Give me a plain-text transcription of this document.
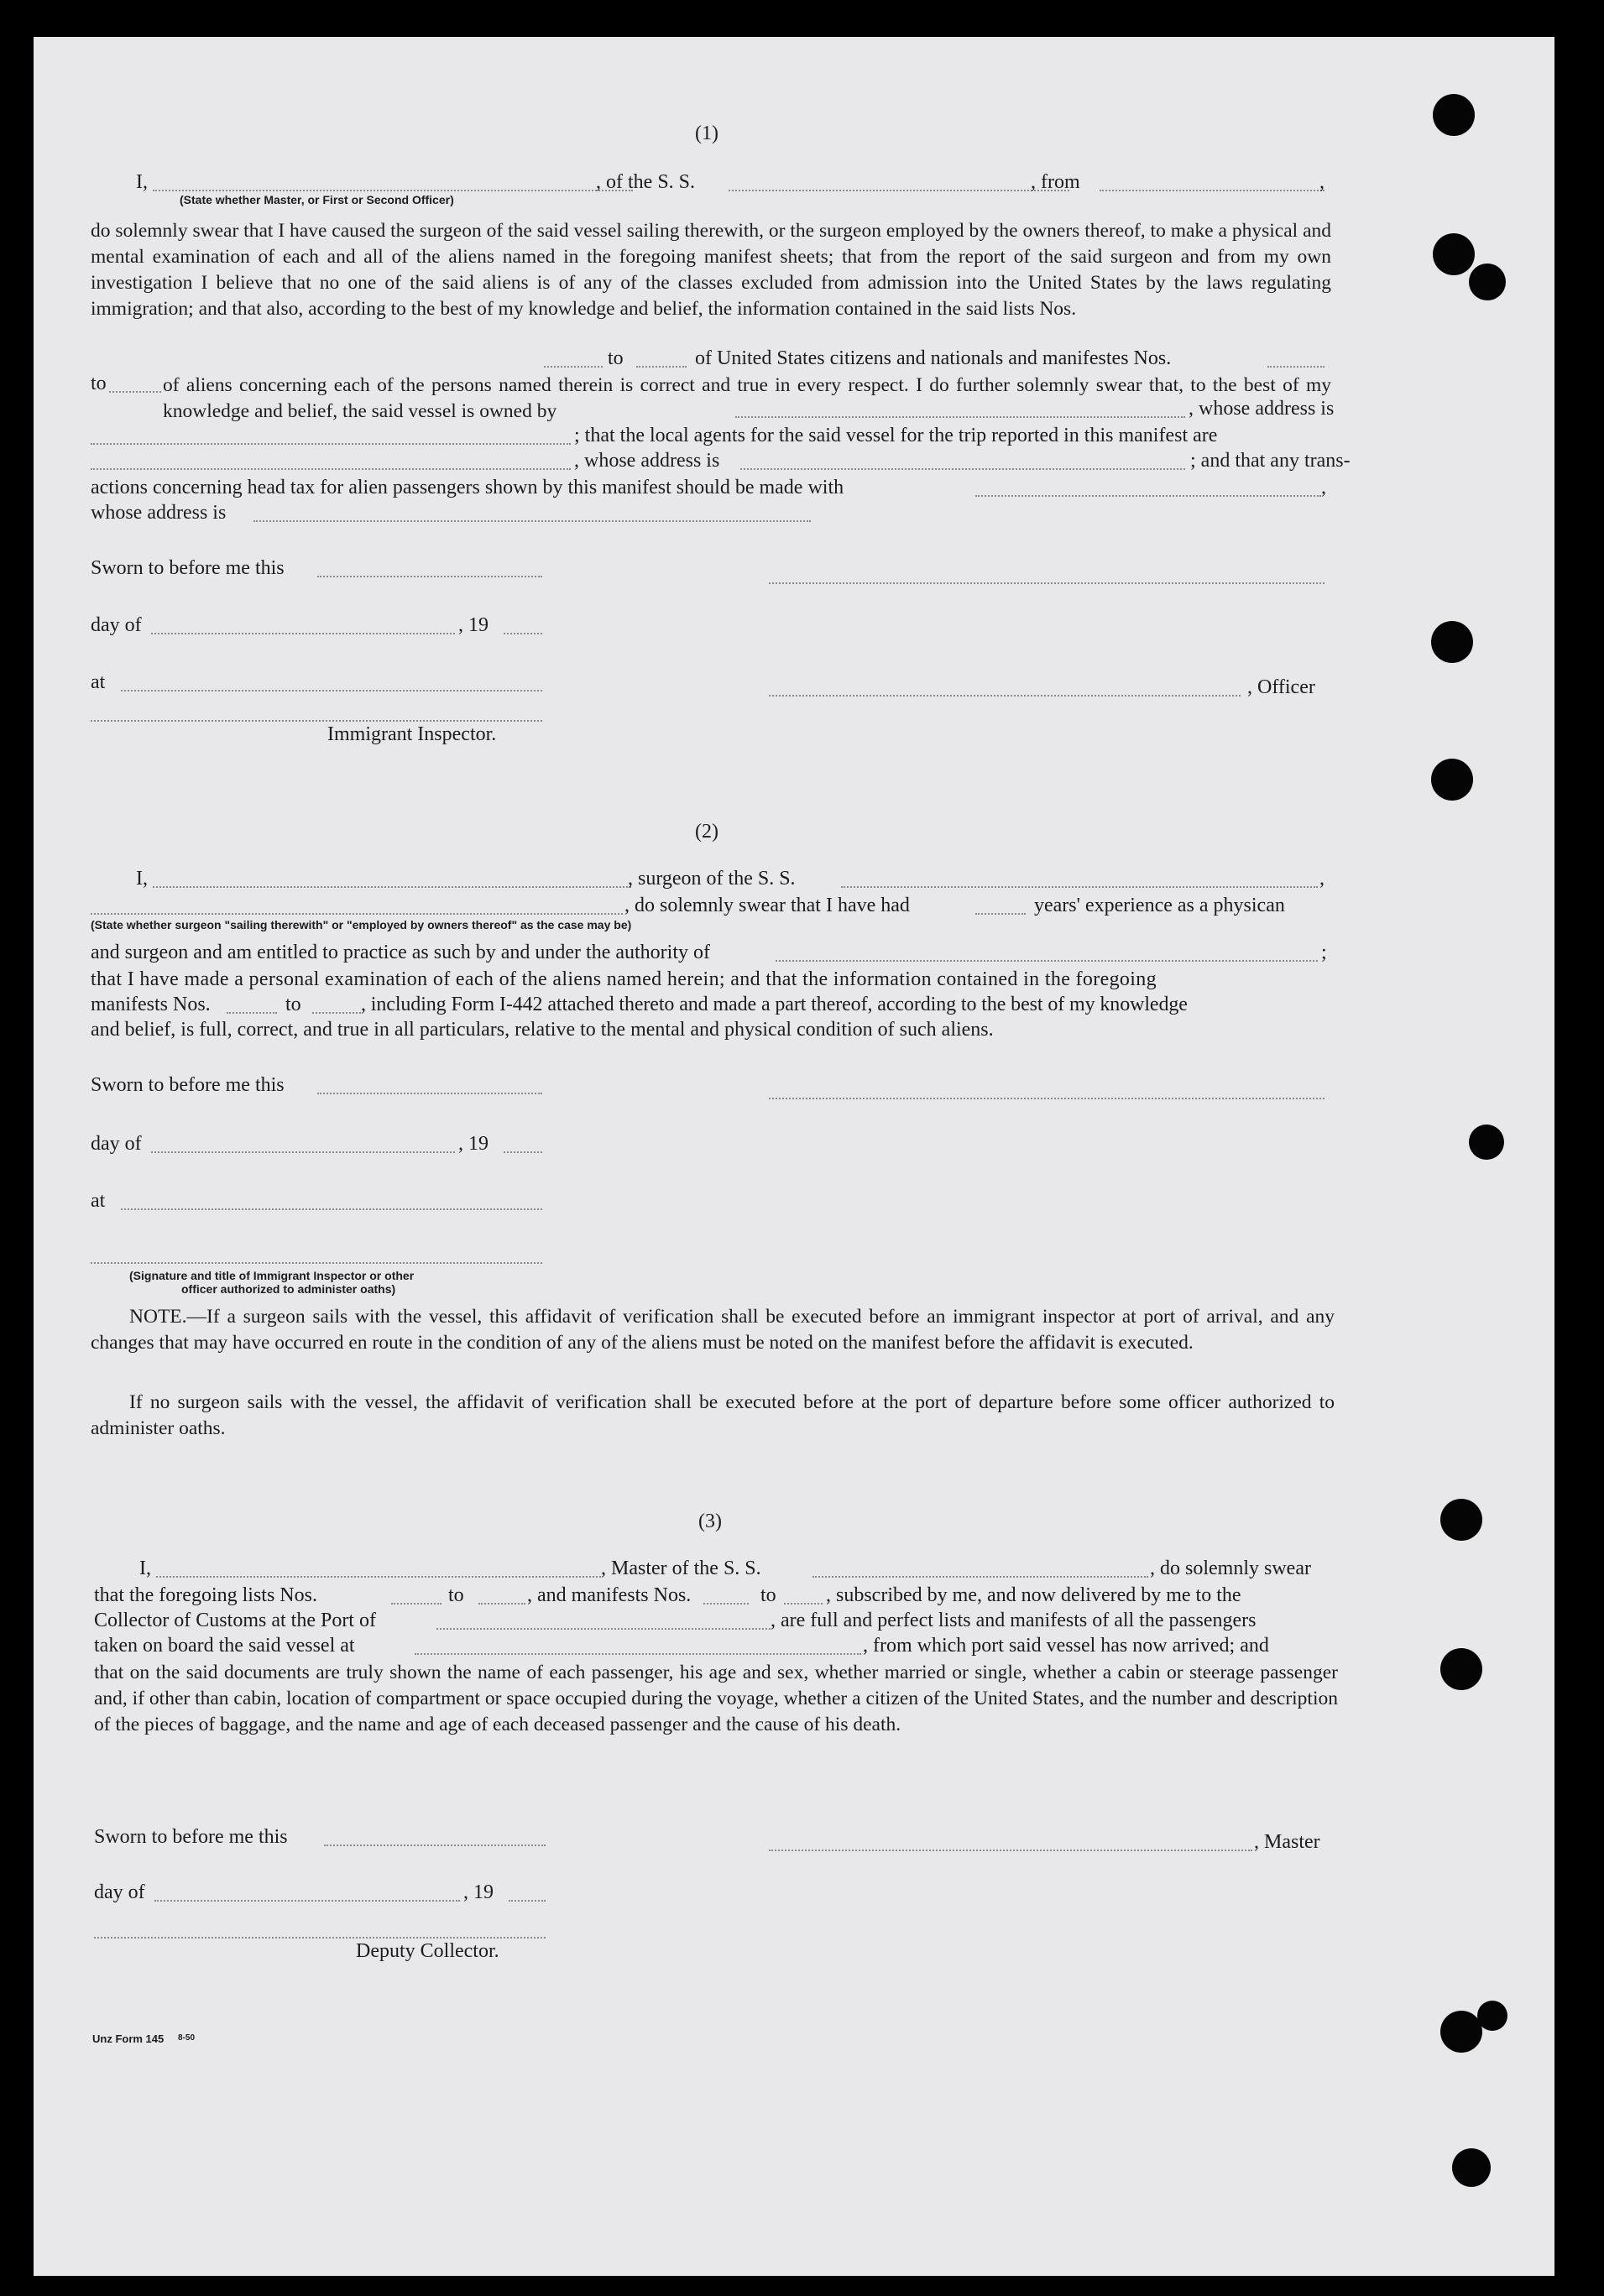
(1)
I,	, of the S. S.	, from	,
(State whether Master, or First or Second Officer)

do solemnly swear that I have caused the surgeon of the said vessel sailing therewith, or the surgeon employed by the owners thereof, to make a physical and mental examination of each and all of the aliens named in the foregoing manifest sheets; that from the report of the said surgeon and from my own investigation I believe that no one of the said aliens is of any of the classes excluded from admission into the United States by the laws regulating immigration; and that also, according to the best of my knowledge and belief, the information contained in the said lists Nos.

to	of United States citizens and nationals and manifestes Nos.
to	of aliens concerning each of the persons named therein is correct and true in every respect. I do further solemnly swear that, to the best of my knowledge and belief, the said vessel is owned by	, whose address is
; that the local agents for the said vessel for the trip reported in this manifest are
, whose address is	; and that any trans-
actions concerning head tax for alien passengers shown by this manifest should be made with	,
whose address is
Sworn to before me this
day of	, 19
at	, Officer
Immigrant Inspector.
(2)
I,	, surgeon of the S. S.	,
, do solemnly swear that I have had	years' experience as a physican
(State whether surgeon "sailing therewith" or "employed by owners thereof" as the case may be)
and surgeon and am entitled to practice as such by and under the authority of	;
that I have made a personal examination of each of the aliens named herein; and that the information contained in the foregoing
manifests Nos.	to	, including Form I-442 attached thereto and made a part thereof, according to the best of my knowledge
and belief, is full, correct, and true in all particulars, relative to the mental and physical condition of such aliens.
Sworn to before me this
day of	, 19
at
(Signature and title of Immigrant Inspector or other
officer authorized to administer oaths)

NOTE.—If a surgeon sails with the vessel, this affidavit of verification shall be executed before an immigrant inspector at port of arrival, and any changes that may have occurred en route in the condition of any of the aliens must be noted on the manifest before the affidavit is executed.

If no surgeon sails with the vessel, the affidavit of verification shall be executed before at the port of departure before some officer authorized to administer oaths.

(3)
I,	, Master of the S. S.	, do solemnly swear
that the foregoing lists Nos.	to	, and manifests Nos.	to , subscribed by me, and now delivered by me to the
Collector of Customs at the Port of	, are full and perfect lists and manifests of all the passengers
taken on board the said vessel at	, from which port said vessel has now arrived; and

that on the said documents are truly shown the name of each passenger, his age and sex, whether married or single, whether a cabin or steerage passenger and, if other than cabin, location of compartment or space occupied during the voyage, whether a citizen of the United States, and the number and description of the pieces of baggage, and the name and age of each deceased passenger and the cause of his death.

Sworn to before me this	, Master
day of	, 19
Deputy Collector.
Unz Form 145 8-50
